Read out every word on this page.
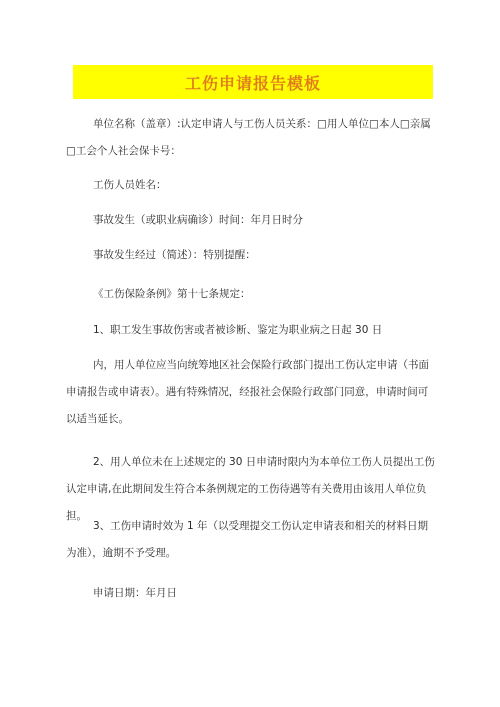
工伤申请报告模板

单位名称（盖章）:认定申请人与工伤人员关系：□用人单位□本人□亲属□工会个人社会保卡号：

工伤人员姓名：

事故发生（或职业病确诊）时间：年月日时分

事故发生经过（简述）：特别提醒：

《工伤保险条例》第十七条规定：

1、职工发生事故伤害或者被诊断、鉴定为职业病之日起 30 日

内，用人单位应当向统筹地区社会保险行政部门提出工伤认定申请（书面申请报告或申请表）。遇有特殊情况，经报社会保险行政部门同意，申请时间可以适当延长。

2、用人单位未在上述规定的 30 日申请时限内为本单位工伤人员提出工伤认定申请,在此期间发生符合本条例规定的工伤待遇等有关费用由该用人单位负担。

3、工伤申请时效为 1 年（以受理提交工伤认定申请表和相关的材料日期为准），逾期不予受理。

申请日期：年月日
